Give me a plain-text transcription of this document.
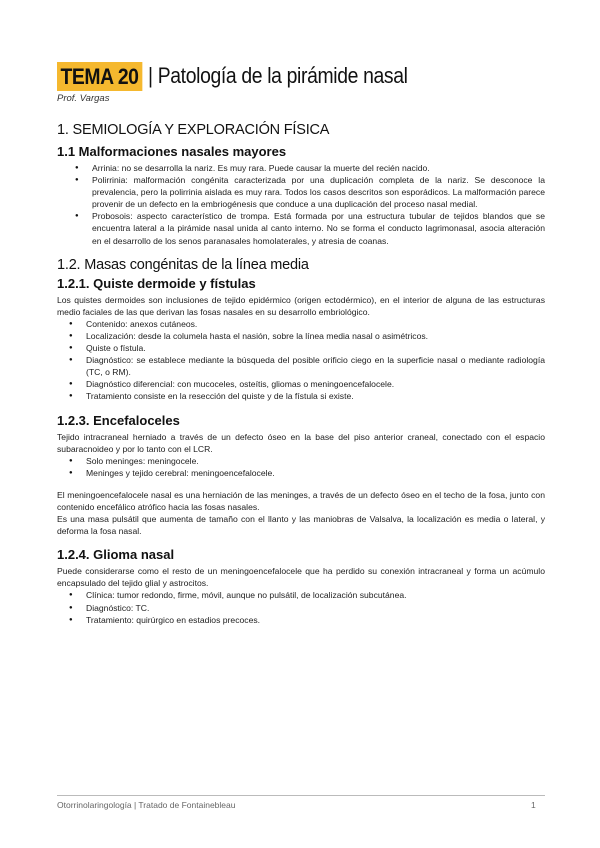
TEMA 20 | Patología de la pirámide nasal
Prof. Vargas
1. SEMIOLOGÍA Y EXPLORACIÓN FÍSICA
1.1 Malformaciones nasales mayores
● Arrinia: no se desarrolla la nariz. Es muy rara. Puede causar la muerte del recién nacido.
● Polirrinia: malformación congénita caracterizada por una duplicación completa de la nariz. Se desconoce la prevalencia, pero la polirrinia aislada es muy rara. Todos los casos descritos son esporádicos. La malformación parece provenir de un defecto en la embriogénesis que conduce a una duplicación del proceso nasal medial.
● Probosois: aspecto característico de trompa. Está formada por una estructura tubular de tejidos blandos que se encuentra lateral a la pirámide nasal unida al canto interno. No se forma el conducto lagrimonasal, asocia alteración en el desarrollo de los senos paranasales homolaterales, y atresia de coanas.
1.2. Masas congénitas de la línea media
1.2.1. Quiste dermoide y fístulas

Los quistes dermoides son inclusiones de tejido epidérmico (origen ectodérmico), en el interior de alguna de las estructuras medio faciales de las que derivan las fosas nasales en su desarrollo embriológico.

● Contenido: anexos cutáneos.
● Localización: desde la columela hasta el nasión, sobre la línea media nasal o asimétricos.
● Quiste o fístula.
● Diagnóstico: se establece mediante la búsqueda del posible orificio ciego en la superficie nasal o mediante radiología (TC, o RM).
● Diagnóstico diferencial: con mucoceles, osteítis, gliomas o meningoencefalocele.
● Tratamiento consiste en la resección del quiste y de la fístula si existe.
1.2.3. Encefaloceles

Tejido intracraneal herniado a través de un defecto óseo en la base del piso anterior craneal, conectado con el espacio subaracnoideo y por lo tanto con el LCR.

● Solo meninges: meningocele.
● Meninges y tejido cerebral: meningoencefalocele.

El meningoencefalocele nasal es una herniación de las meninges, a través de un defecto óseo en el techo de la fosa, junto con contenido encefálico atrófico hacia las fosas nasales.

Es una masa pulsátil que aumenta de tamaño con el llanto y las maniobras de Valsalva, la localización es media o lateral, y deforma la fosa nasal.

1.2.4. Glioma nasal

Puede considerarse como el resto de un meningoencefalocele que ha perdido su conexión intracraneal y forma un acúmulo encapsulado del tejido glial y astrocitos.

● Clínica: tumor redondo, firme, móvil, aunque no pulsátil, de localización subcutánea.
● Diagnóstico: TC.
● Tratamiento: quirúrgico en estadios precoces.
Otorrinolaringología | Tratado de Fontainebleau	1
